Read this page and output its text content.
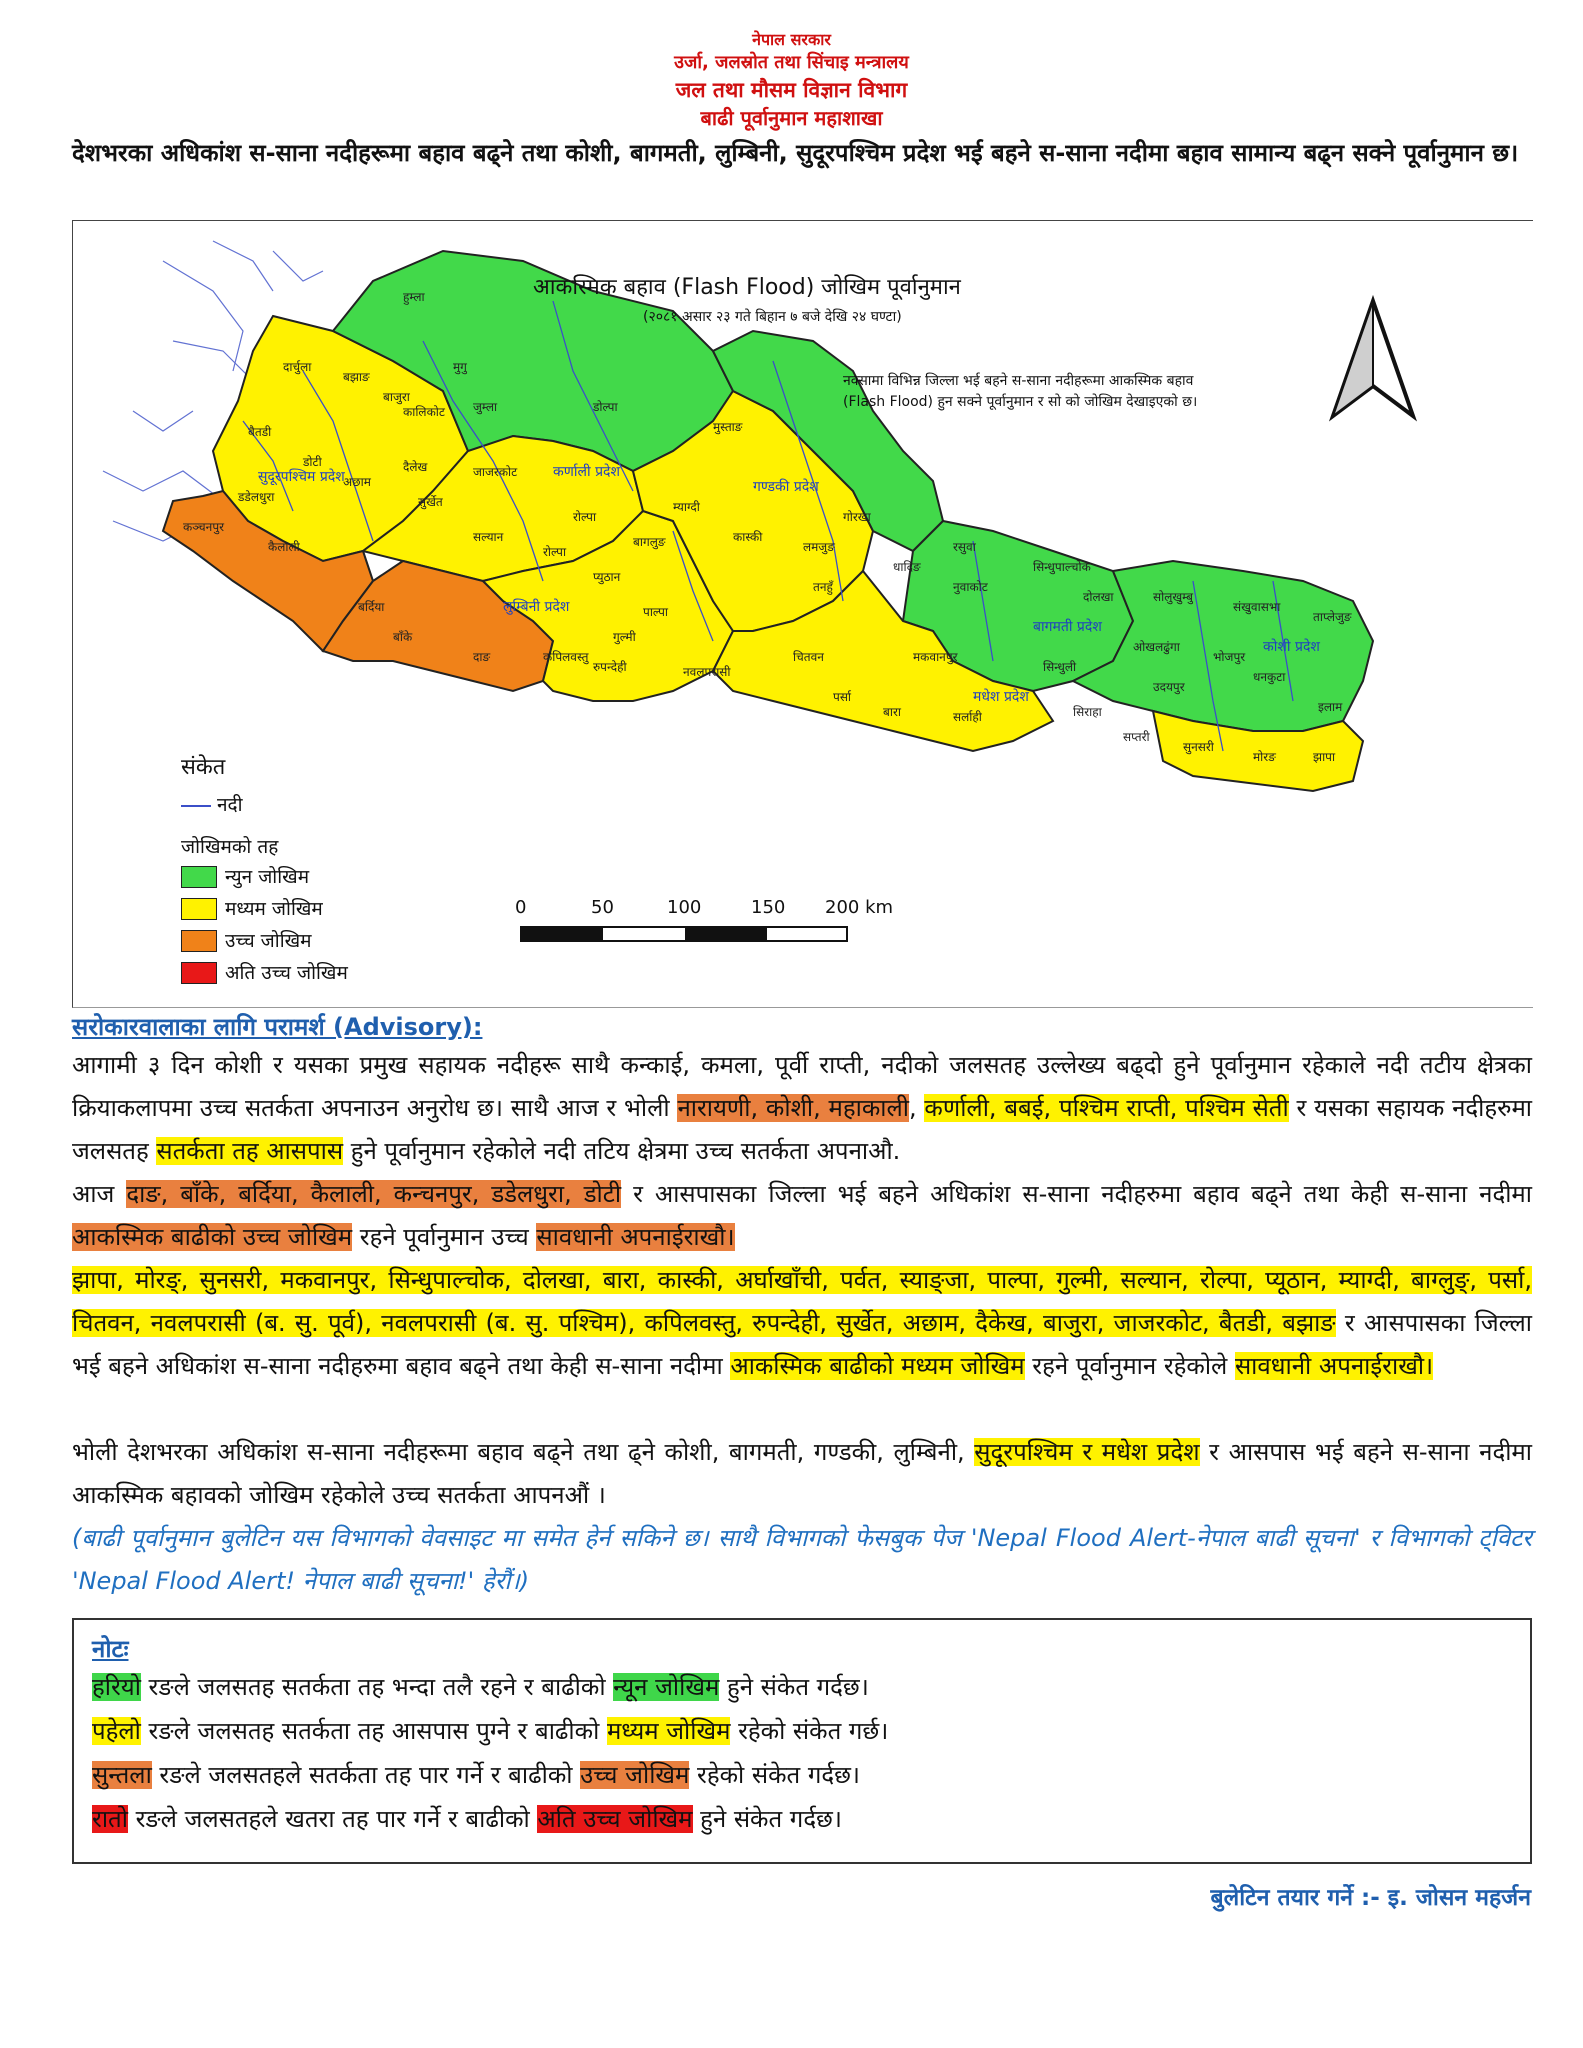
नेपाल सरकार
उर्जा, जलस्रोत तथा सिंचाइ मन्त्रालय
जल तथा मौसम विज्ञान विभाग
बाढी पूर्वानुमान महाशाखा
देशभरका अधिकांश स-साना नदीहरूमा बहाव बढ्ने तथा कोशी, बागमती, लुम्बिनी, सुदूरपश्चिम प्रदेश भई बहने स-साना नदीमा बहाव सामान्य बढ्न सक्ने पूर्वानुमान छ।
दार्चुला
बझाङ
बाजुरा
बैतडी
डोटी
अछाम
डडेलधुरा
कैलाली
कञ्चनपुर
बर्दिया
बाँके
दाङ
हुम्ला
मुगु
जुम्ला	डोल्पा
कालिकोट
दैलेख
सुर्खेत
जाजरकोट
सल्यान
रोल्पा
मुस्ताङ
म्याग्दी
बागलुङ	कास्की
गोरखा
लमजुङ
तनहुँ
पाल्पा
रुपन्देही
कपिलवस्तु	चितवन	मकवानपुर
धादिङ
रसुवा
नुवाकोट
सिन्धुपाल्चोक
दोलखा
सिन्धुली
पर्सा
बारा	सर्लाही	सिराहा
सोलुखुम्बु
संखुवासभा
ताप्लेजुङ
इलाम
झापा
मोरङ
सुनसरी
उदयपुर
ओखलढुंगा
भोजपुर
धनकुटा
सप्तरी
रोल्पा
प्युठान
गुल्मी
नवलपरासी
सुदूरपश्चिम प्रदेश	कर्णाली प्रदेश
गण्डकी प्रदेश
लुम्बिनी प्रदेश
बागमती प्रदेश
मधेश प्रदेश
कोशी प्रदेश
आकस्मिक बहाव (Flash Flood) जोखिम पूर्वानुमान
(२०८१ असार २३ गते बिहान ७ बजे देखि २४ घण्टा)
नक्सामा विभिन्न जिल्ला भई बहने स-साना नदीहरूमा आकस्मिक बहाव
(Flash Flood) हुन सक्ने पूर्वानुमान र सो को जोखिम देखाइएको छ।
संकेत
नदी
जोखिमको तह
न्युन जोखिम
मध्यम जोखिम
उच्च जोखिम
अति उच्च जोखिम
0	50	100	150 200 km
सरोकारवालाका लागि परामर्श (Advisory):
आगामी ३ दिन कोशी र यसका प्रमुख सहायक नदीहरू साथै कन्काई, कमला, पूर्वी राप्ती, नदीको जलसतह उल्लेख्य बढ्दो हुने पूर्वानुमान रहेकाले नदी तटीय क्षेत्रका क्रियाकलापमा उच्च सतर्कता अपनाउन अनुरोध छ। साथै आज र भोली नारायणी, कोशी, महाकाली, कर्णाली, बबई, पश्चिम राप्ती, पश्चिम सेती र यसका सहायक नदीहरुमा जलसतह सतर्कता तह आसपास हुने पूर्वानुमान रहेकोले नदी तटिय क्षेत्रमा उच्च सतर्कता अपनाऔ.
आज दाङ, बाँके, बर्दिया, कैलाली, कन्चनपुर, डडेलधुरा, डोटी र आसपासका जिल्ला भई बहने अधिकांश स-साना नदीहरुमा बहाव बढ्ने तथा केही स-साना नदीमा आकस्मिक बाढीको उच्च जोखिम रहने पूर्वानुमान उच्च सावधानी अपनाईराखौ।
झापा, मोरङ्, सुनसरी, मकवानपुर, सिन्धुपाल्चोक, दोलखा, बारा, कास्की, अर्घाखाँची, पर्वत, स्याङ्जा, पाल्पा, गुल्मी, सल्यान, रोल्पा, प्यूठान, म्याग्दी, बाग्लुङ्, पर्सा, चितवन, नवलपरासी (ब. सु. पूर्व), नवलपरासी (ब. सु. पश्चिम), कपिलवस्तु, रुपन्देही, सुर्खेत, अछाम, दैकेख, बाजुरा, जाजरकोट, बैतडी, बझाङ र आसपासका जिल्ला भई बहने अधिकांश स-साना नदीहरुमा बहाव बढ्ने तथा केही स-साना नदीमा आकस्मिक बाढीको मध्यम जोखिम रहने पूर्वानुमान रहेकोले सावधानी अपनाईराखौ।
भोली देशभरका अधिकांश स-साना नदीहरूमा बहाव बढ्ने तथा ढ्ने कोशी, बागमती, गण्डकी, लुम्बिनी, सुदूरपश्चिम र मधेश प्रदेश र आसपास भई बहने स-साना नदीमा आकस्मिक बहावको जोखिम रहेकोले उच्च सतर्कता आपनऔं ।
(बाढी पूर्वानुमान बुलेटिन यस विभागको वेवसाइट मा समेत हेर्न सकिने छ। साथै विभागको फेसबुक पेज 'Nepal Flood Alert-नेपाल बाढी सूचना' र विभागको ट्विटर 'Nepal Flood Alert! नेपाल बाढी सूचना!' हेरौं।)
नोटः
हरियो रङले जलसतह सतर्कता तह भन्दा तलै रहने र बाढीको न्यून जोखिम हुने संकेत गर्दछ।
पहेलो रङले जलसतह सतर्कता तह आसपास पुग्ने र बाढीको मध्यम जोखिम रहेको संकेत गर्छ।
सुन्तला रङले जलसतहले सतर्कता तह पार गर्ने र बाढीको उच्च जोखिम रहेको संकेत गर्दछ।
रातो रङले जलसतहले खतरा तह पार गर्ने र बाढीको अति उच्च जोखिम हुने संकेत गर्दछ।
बुलेटिन तयार गर्ने :- इ. जोसन महर्जन
